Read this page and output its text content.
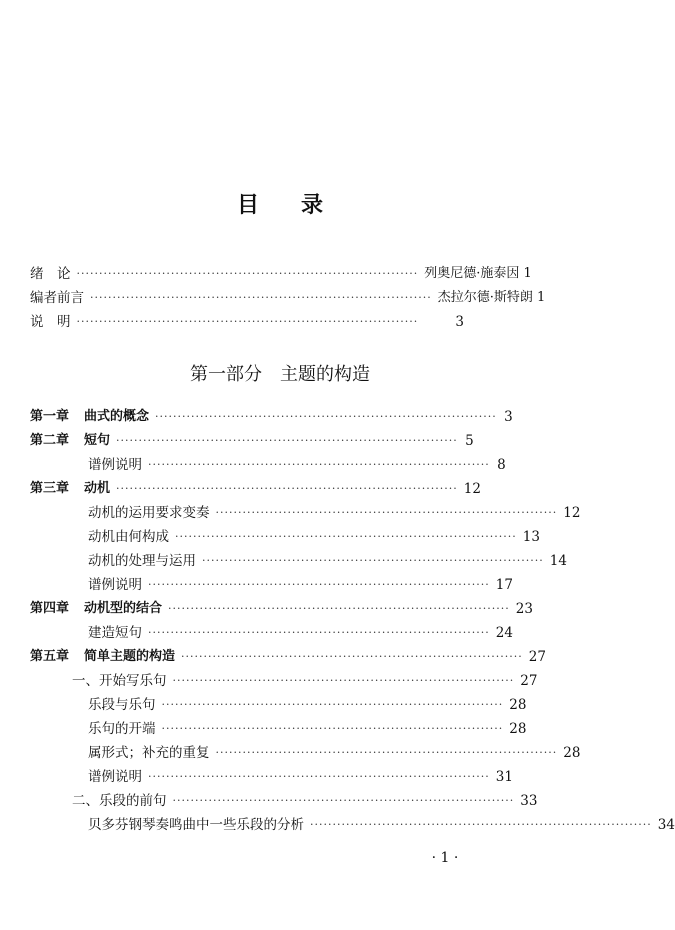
目 录
绪　论 ············································································ 列奥尼德·施泰因 1
编者前言 ············································································ 杰拉尔德·斯特朗 1
说　明 ············································································	3
第一部分 主题的构造
第一章	曲式的概念 ············································································ 3
第二章	短句 ············································································ 5
谱例说明 ············································································ 8
第三章	动机 ············································································ 12
动机的运用要求变奏 ············································································ 12
动机由何构成 ············································································ 13
动机的处理与运用 ············································································ 14
谱例说明 ············································································ 17
第四章	动机型的结合 ············································································ 23
建造短句 ············································································ 24
第五章	简单主题的构造 ············································································ 27
一、开始写乐句 ············································································ 27
乐段与乐句 ············································································ 28
乐句的开端 ············································································ 28
属形式；补充的重复 ············································································ 28
谱例说明 ············································································ 31
二、乐段的前句 ············································································ 33
贝多芬钢琴奏鸣曲中一些乐段的分析 ············································································ 34
· 1 ·
